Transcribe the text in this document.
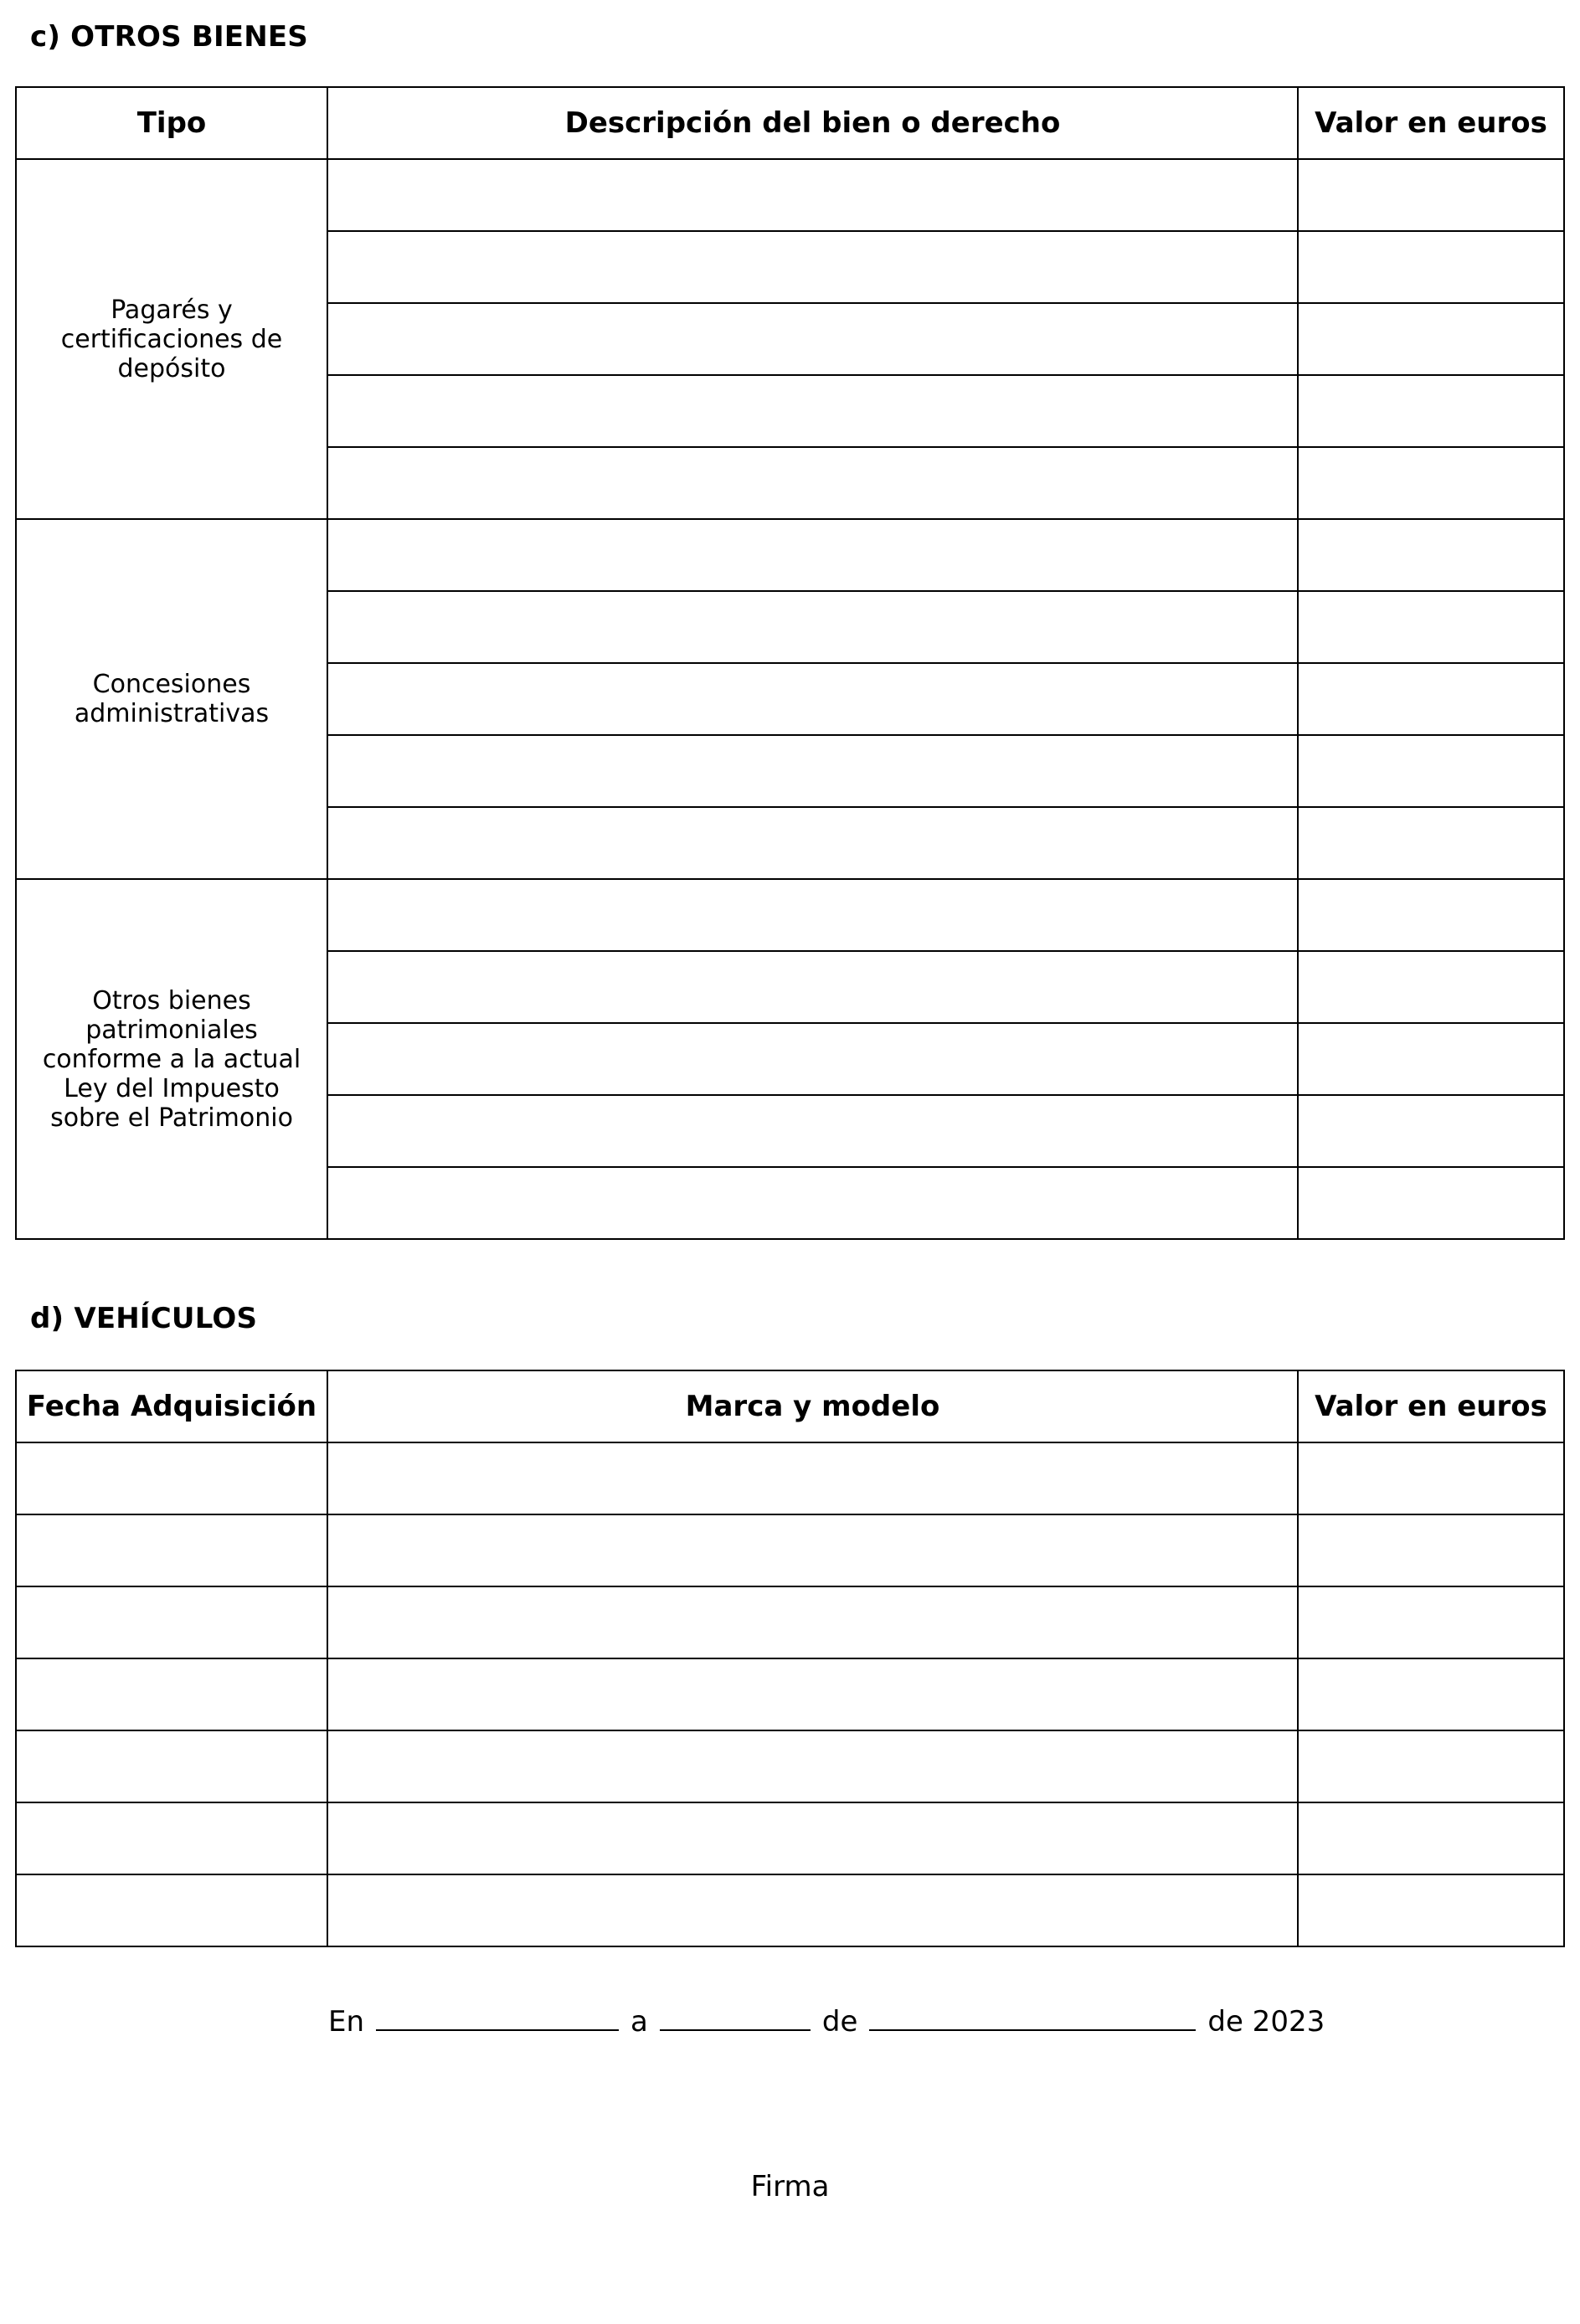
c) OTROS BIENES
Tipo	Descripción del bien o derecho	Valor en euros
Pagarés y certificaciones de depósito		

Concesiones administrativas		

Otros bienes patrimoniales conforme a la actual Ley del Impuesto sobre el Patrimonio		

d) VEHÍCULOS
Fecha Adquisición	Marca y modelo	Valor en euros

En	a	de	de 2023
Firma
